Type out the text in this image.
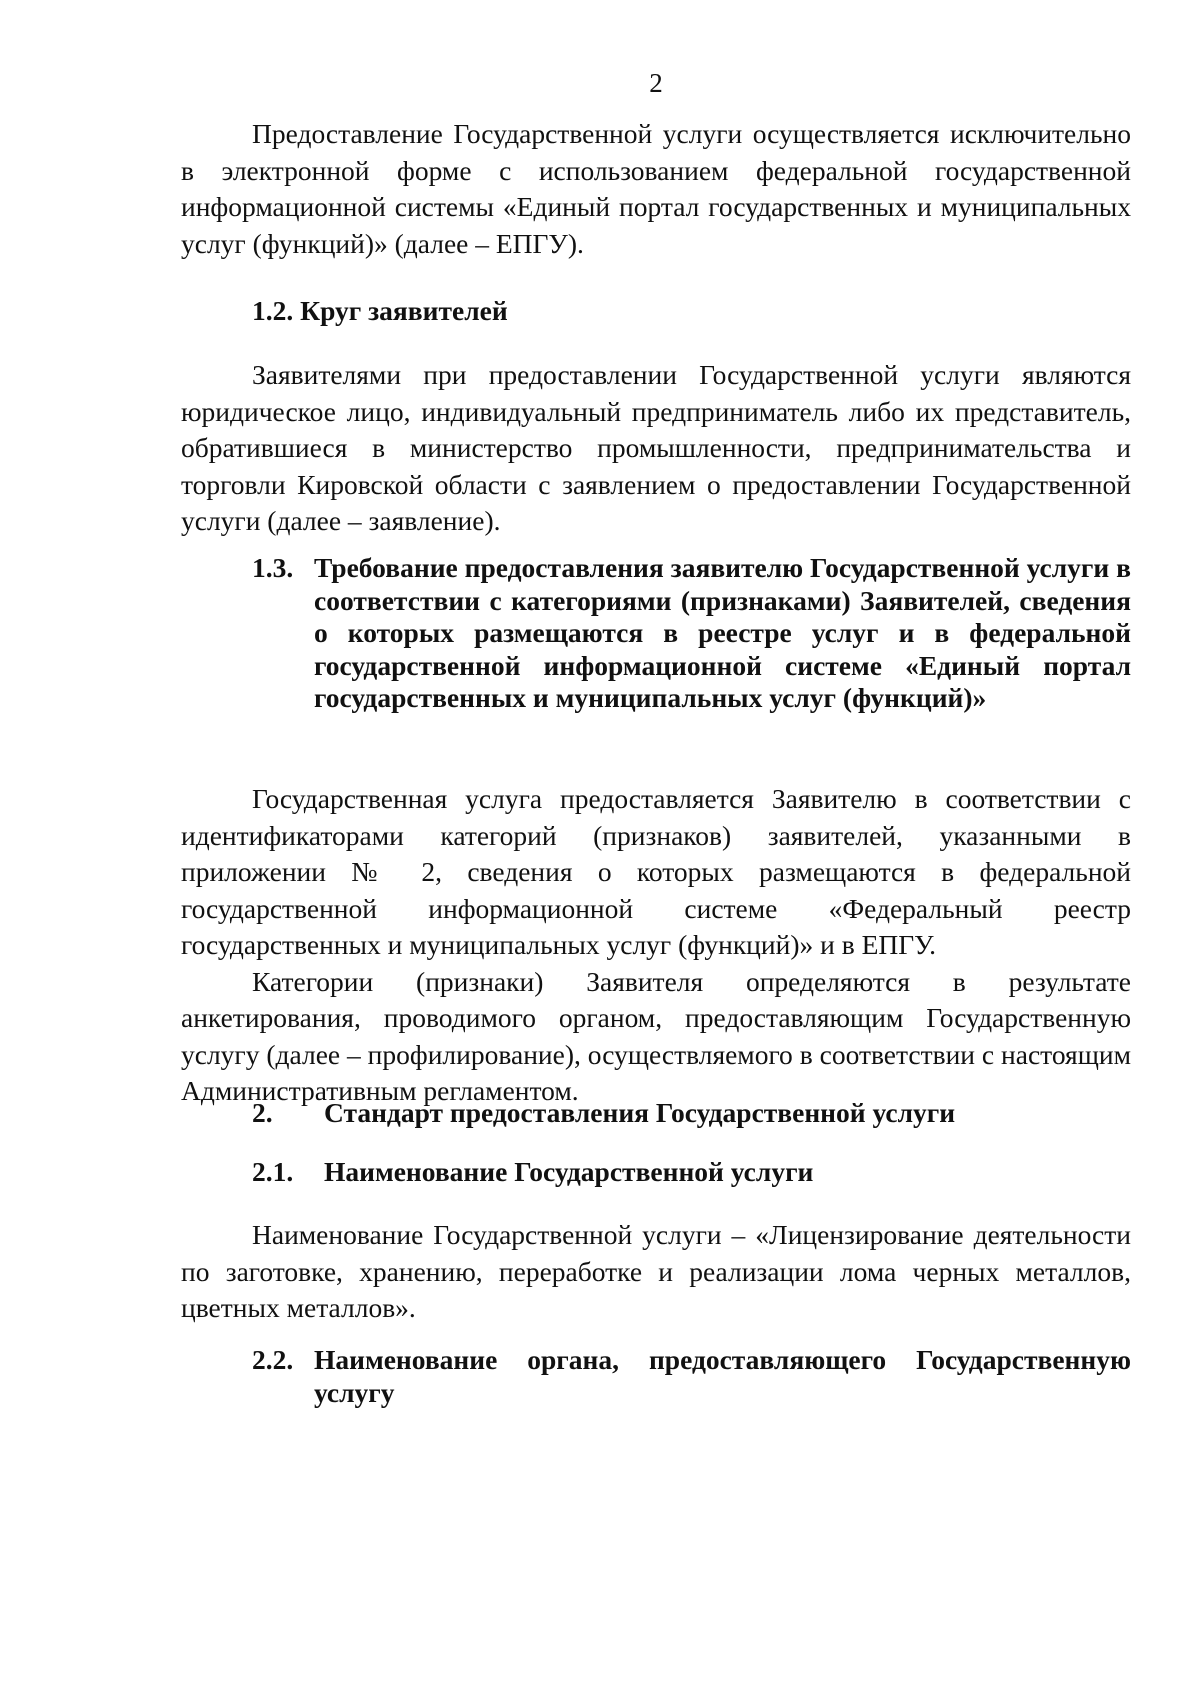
2

Предоставление Государственной услуги осуществляется исключительно в электронной форме с использованием федеральной государственной информационной системы «Единый портал государственных и муниципальных услуг (функций)» (далее – ЕПГУ).

1.2. Круг заявителей

Заявителями при предоставлении Государственной услуги являются юридическое лицо, индивидуальный предприниматель либо их представитель, обратившиеся в министерство промышленности, предпринимательства и торговли Кировской области с заявлением о предоставлении Государственной услуги (далее – заявление).

1.3. Требование предоставления заявителю Государственной услуги в соответствии с категориями (признаками) Заявителей, сведения о которых размещаются в реестре услуг и в федеральной государственной информационной системе «Единый портал государственных и муниципальных услуг (функций)»

Государственная услуга предоставляется Заявителю в соответствии с идентификаторами категорий (признаков) заявителей, указанными в приложении № 2, сведения о которых размещаются в федеральной государственной информационной системе «Федеральный реестр государственных и муниципальных услуг (функций)» и в ЕПГУ.

Категории (признаки) Заявителя определяются в результате анкетирования, проводимого органом, предоставляющим Государственную услугу (далее – профилирование), осуществляемого в соответствии с настоящим Административным регламентом.

2.	Стандарт предоставления Государственной услуги
2.1.	Наименование Государственной услуги

Наименование Государственной услуги – «Лицензирование деятельности по заготовке, хранению, переработке и реализации лома черных металлов, цветных металлов».

2.2. Наименование органа, предоставляющего Государственную услугу
